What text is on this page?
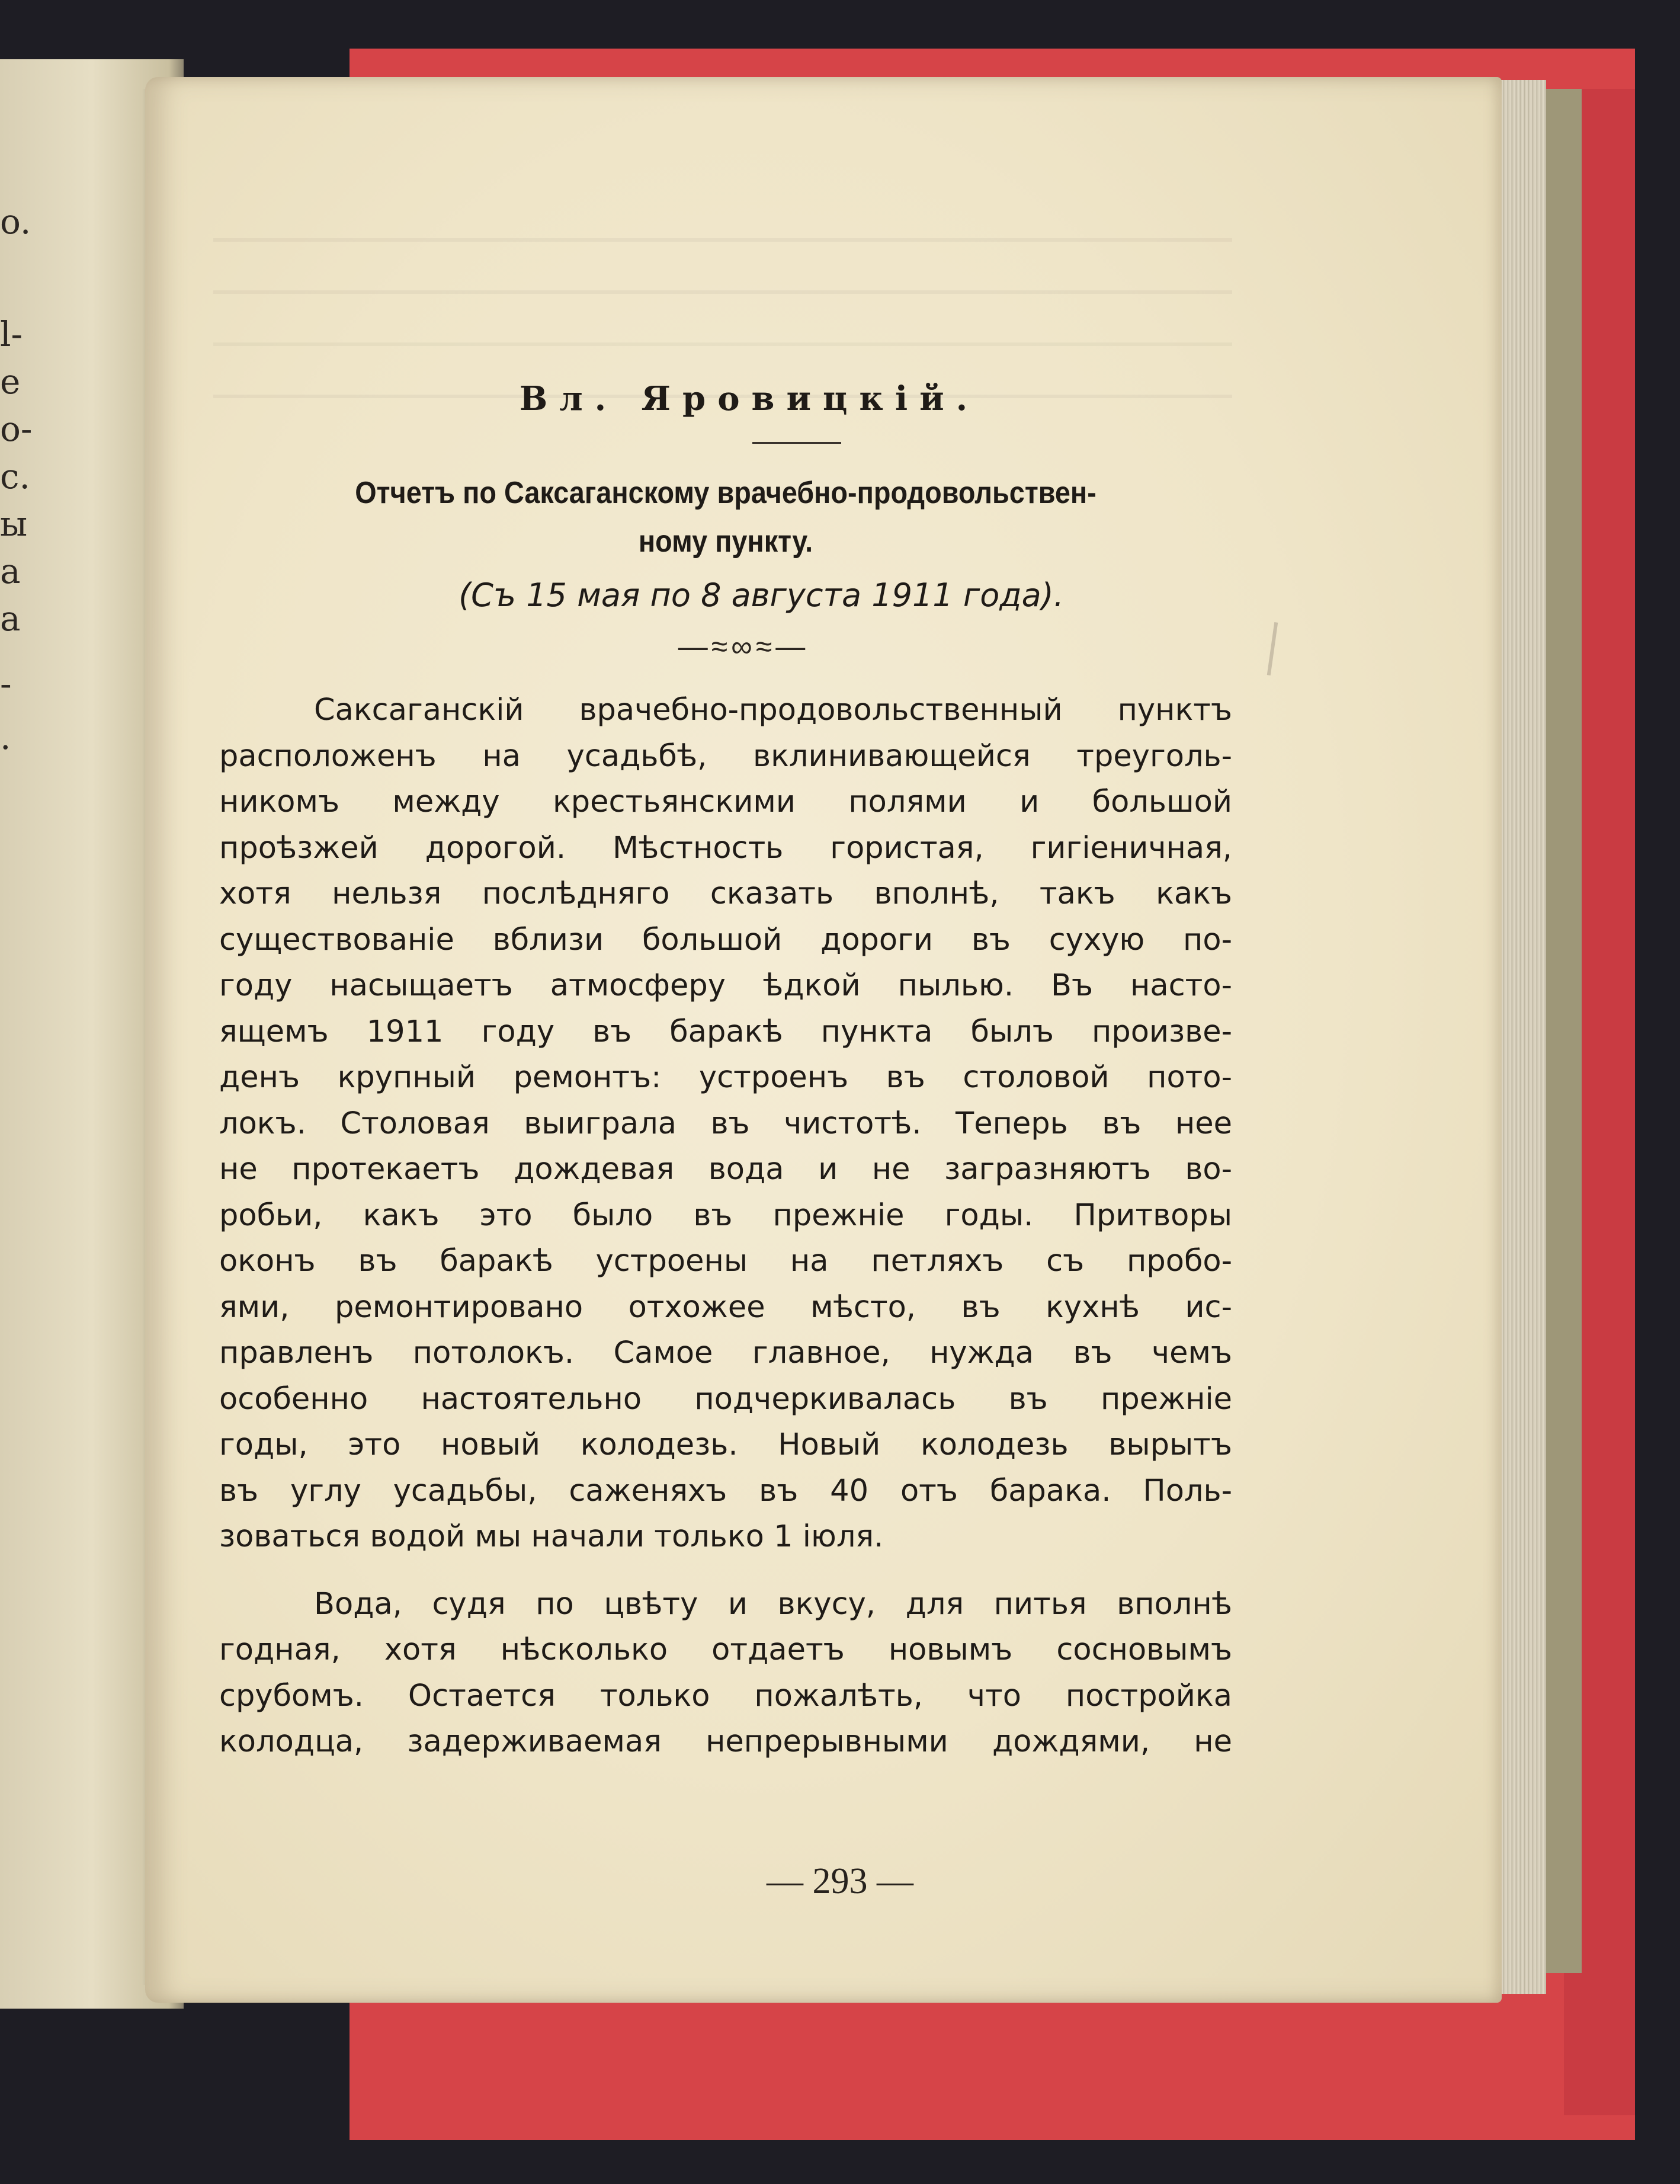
o.
l-
e
o-
c.
ы
a
a
-
.
Вл. Яровицкій.
Отчетъ по Саксаганскому врачебно-продовольствен-
ному пункту.
(Съ 15 мая по 8 августа 1911 года).
—≈∞≈—
Саксаганскій врачебно-продовольственный пунктъ
расположенъ на усадьбѣ, вклинивающейся треуголь-
никомъ между крестьянскими полями и большой
проѣзжей дорогой. Мѣстность гористая, гигіеничная,
хотя нельзя послѣдняго сказать вполнѣ, такъ какъ
существованіе вблизи большой дороги въ сухую по-
году насыщаетъ атмосферу ѣдкой пылью. Въ насто-
ящемъ 1911 году въ баракѣ пункта былъ произве-
денъ крупный ремонтъ: устроенъ въ столовой пото-
локъ. Столовая выиграла въ чистотѣ. Теперь въ нее
не протекаетъ дождевая вода и не загразняютъ во-
робьи, какъ это было въ прежніе годы. Притворы
оконъ въ баракѣ устроены на петляхъ съ пробо-
ями, ремонтировано отхожее мѣсто, въ кухнѣ ис-
правленъ потолокъ. Самое главное, нужда въ чемъ
особенно настоятельно подчеркивалась въ прежніе
годы, это новый колодезь. Новый колодезь вырытъ
въ углу усадьбы, саженяхъ въ 40 отъ барака. Поль-
зоваться водой мы начали только 1 іюля.
Вода, судя по цвѣту и вкусу, для питья вполнѣ
годная, хотя нѣсколько отдаетъ новымъ сосновымъ
срубомъ. Остается только пожалѣть, что постройка
колодца, задерживаемая непрерывными дождями, не
— 293 —
